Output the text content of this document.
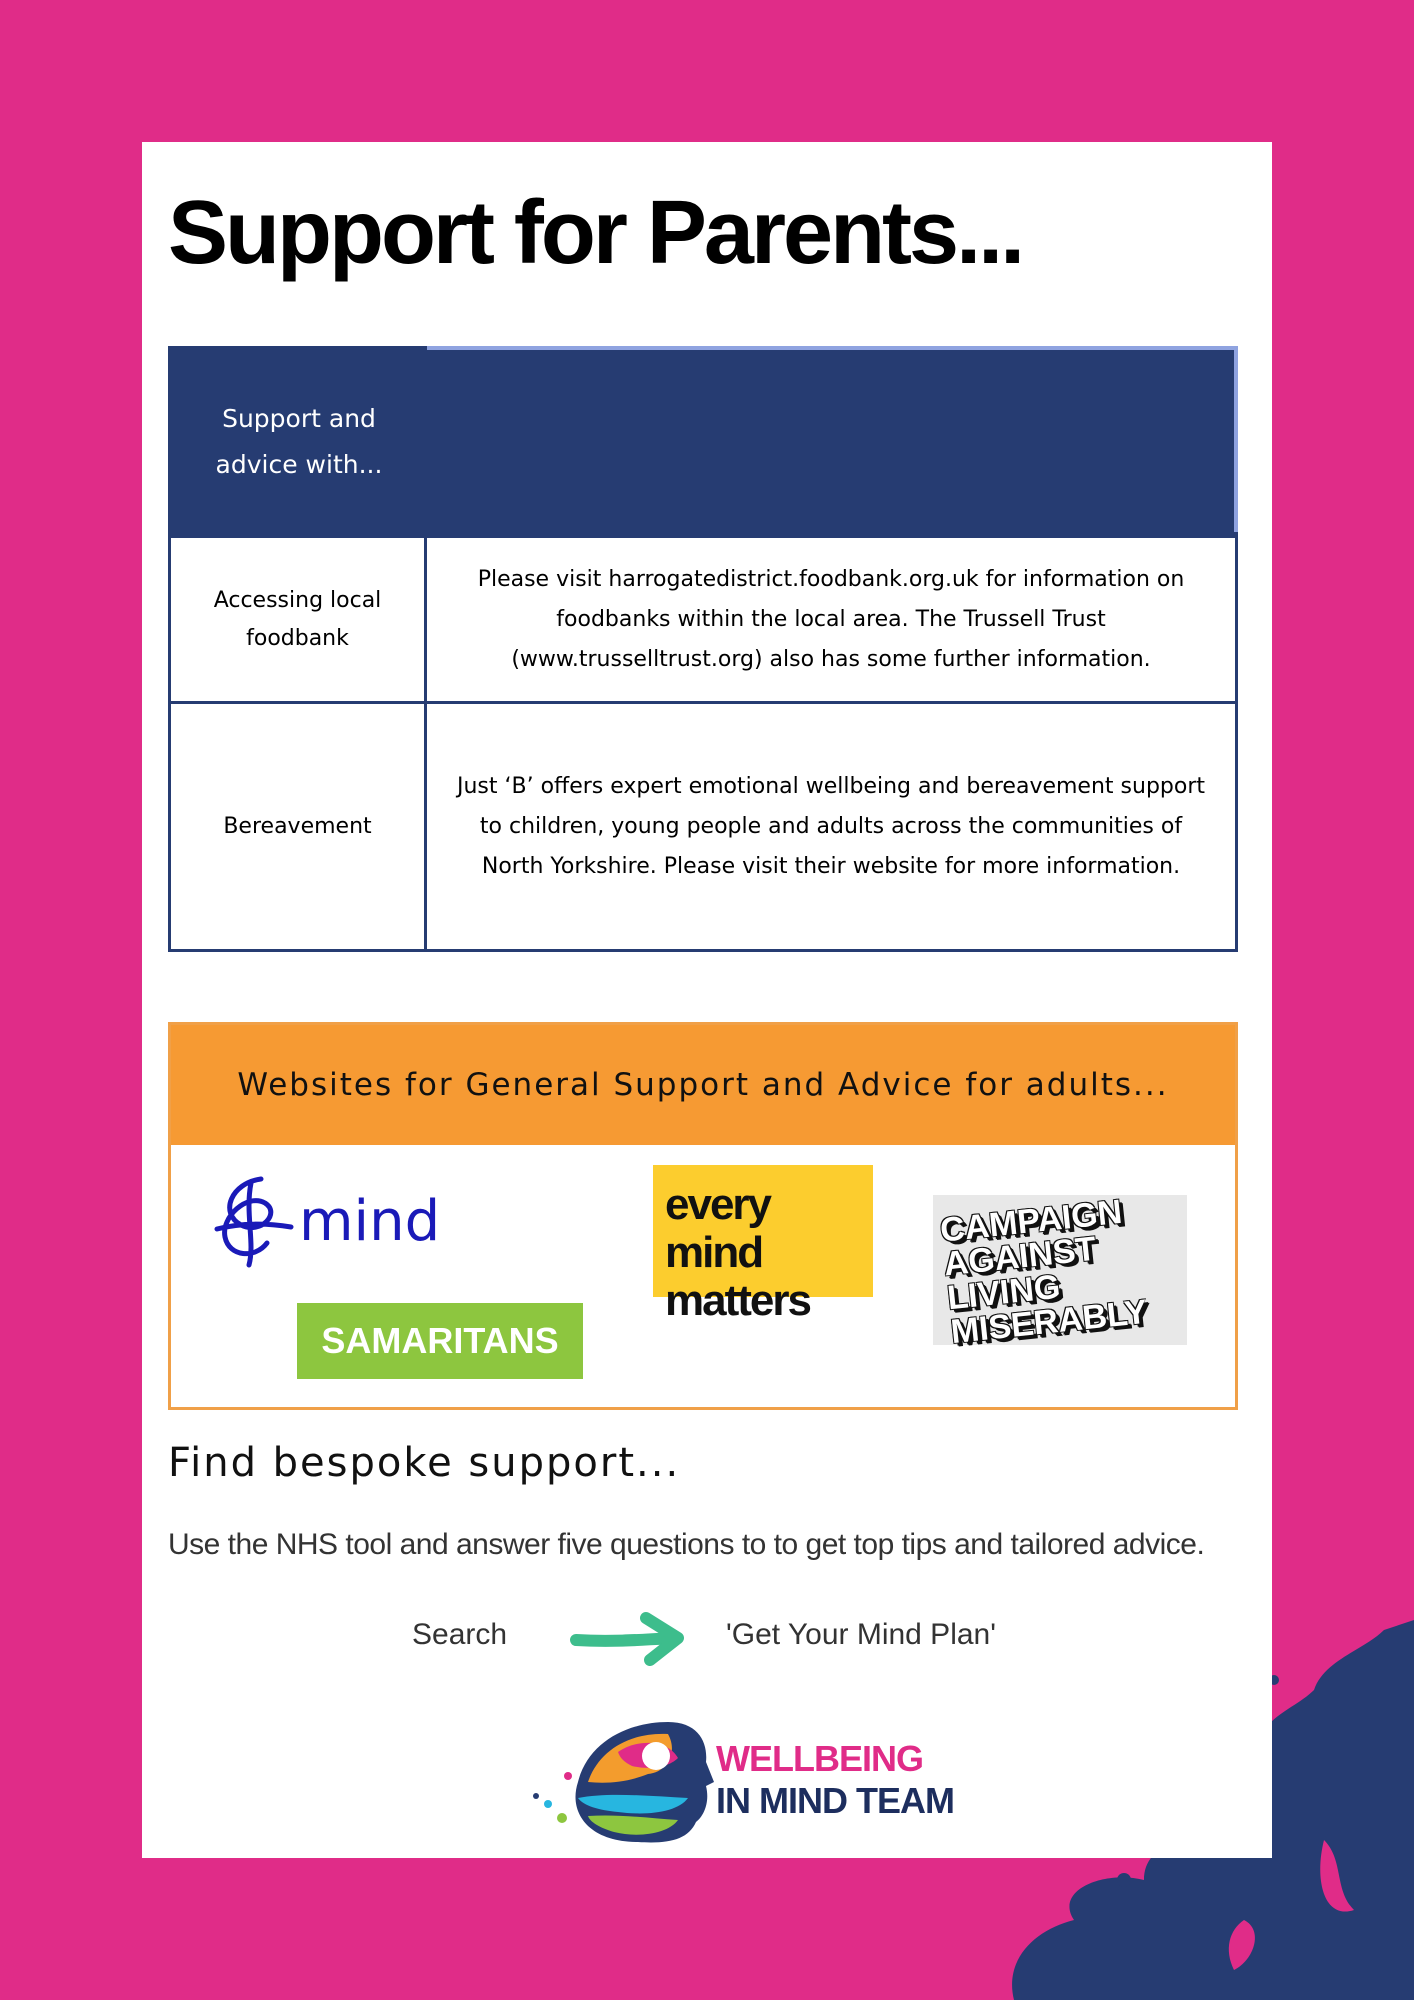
Support for Parents...
Support and advice with...
Accessing local foodbank
Please visit harrogatedistrict.foodbank.org.uk for information on foodbanks within the local area. The Trussell Trust (www.trusselltrust.org) also has some further information.
Bereavement
Just ‘B’ offers expert emotional wellbeing and bereavement support to children, young people and adults across the communities of North Yorkshire. Please visit their website for more information.
Websites for General Support and Advice for adults...
mind	every mind matters
SAMARITANS
CAMPAIGN AGAINST LIVING MISERABLY
Find bespoke support...
Use the NHS tool and answer five questions to to get top tips and tailored advice.
Search	'Get Your Mind Plan'
WELLBEING
IN MIND TEAM
